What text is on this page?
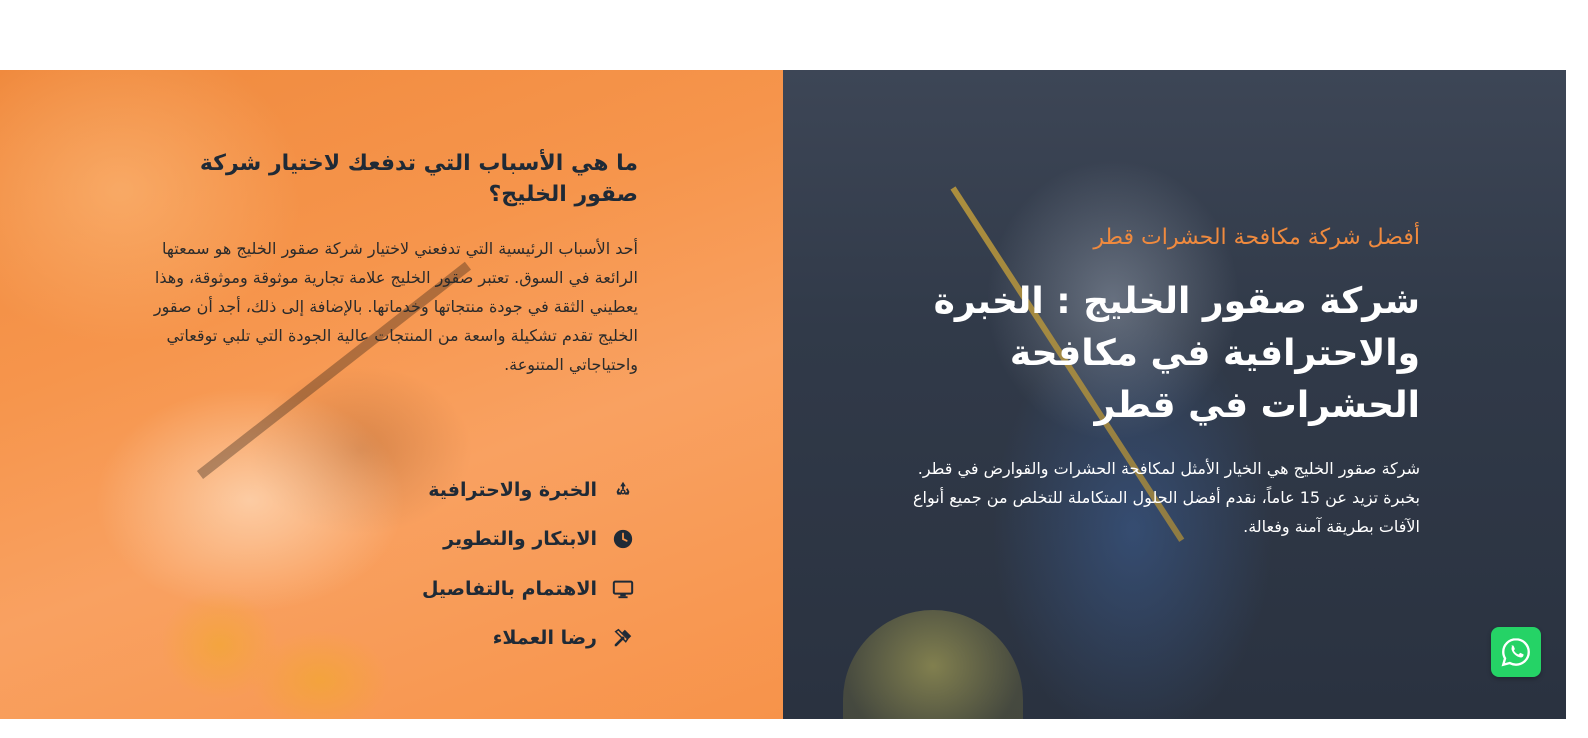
ما هي الأسباب التي تدفعك لاختيار شركة صقور الخليج؟

أحد الأسباب الرئيسية التي تدفعني لاختيار شركة صقور الخليج هو سمعتها الرائعة في السوق. تعتبر صقور الخليج علامة تجارية موثوقة وموثوقة، وهذا يعطيني الثقة في جودة منتجاتها وخدماتها. بالإضافة إلى ذلك، أجد أن صقور الخليج تقدم تشكيلة واسعة من المنتجات عالية الجودة التي تلبي توقعاتي واحتياجاتي المتنوعة.

الخبرة والاحترافية
الابتكار والتطوير
الاهتمام بالتفاصيل
رضا العملاء

أفضل شركة مكافحة الحشرات قطر

شركة صقور الخليج : الخبرة والاحترافية في مكافحة الحشرات في قطر

شركة صقور الخليج هي الخيار الأمثل لمكافحة الحشرات والقوارض في قطر. بخبرة تزيد عن 15 عاماً، نقدم أفضل الحلول المتكاملة للتخلص من جميع أنواع الآفات بطريقة آمنة وفعالة.
